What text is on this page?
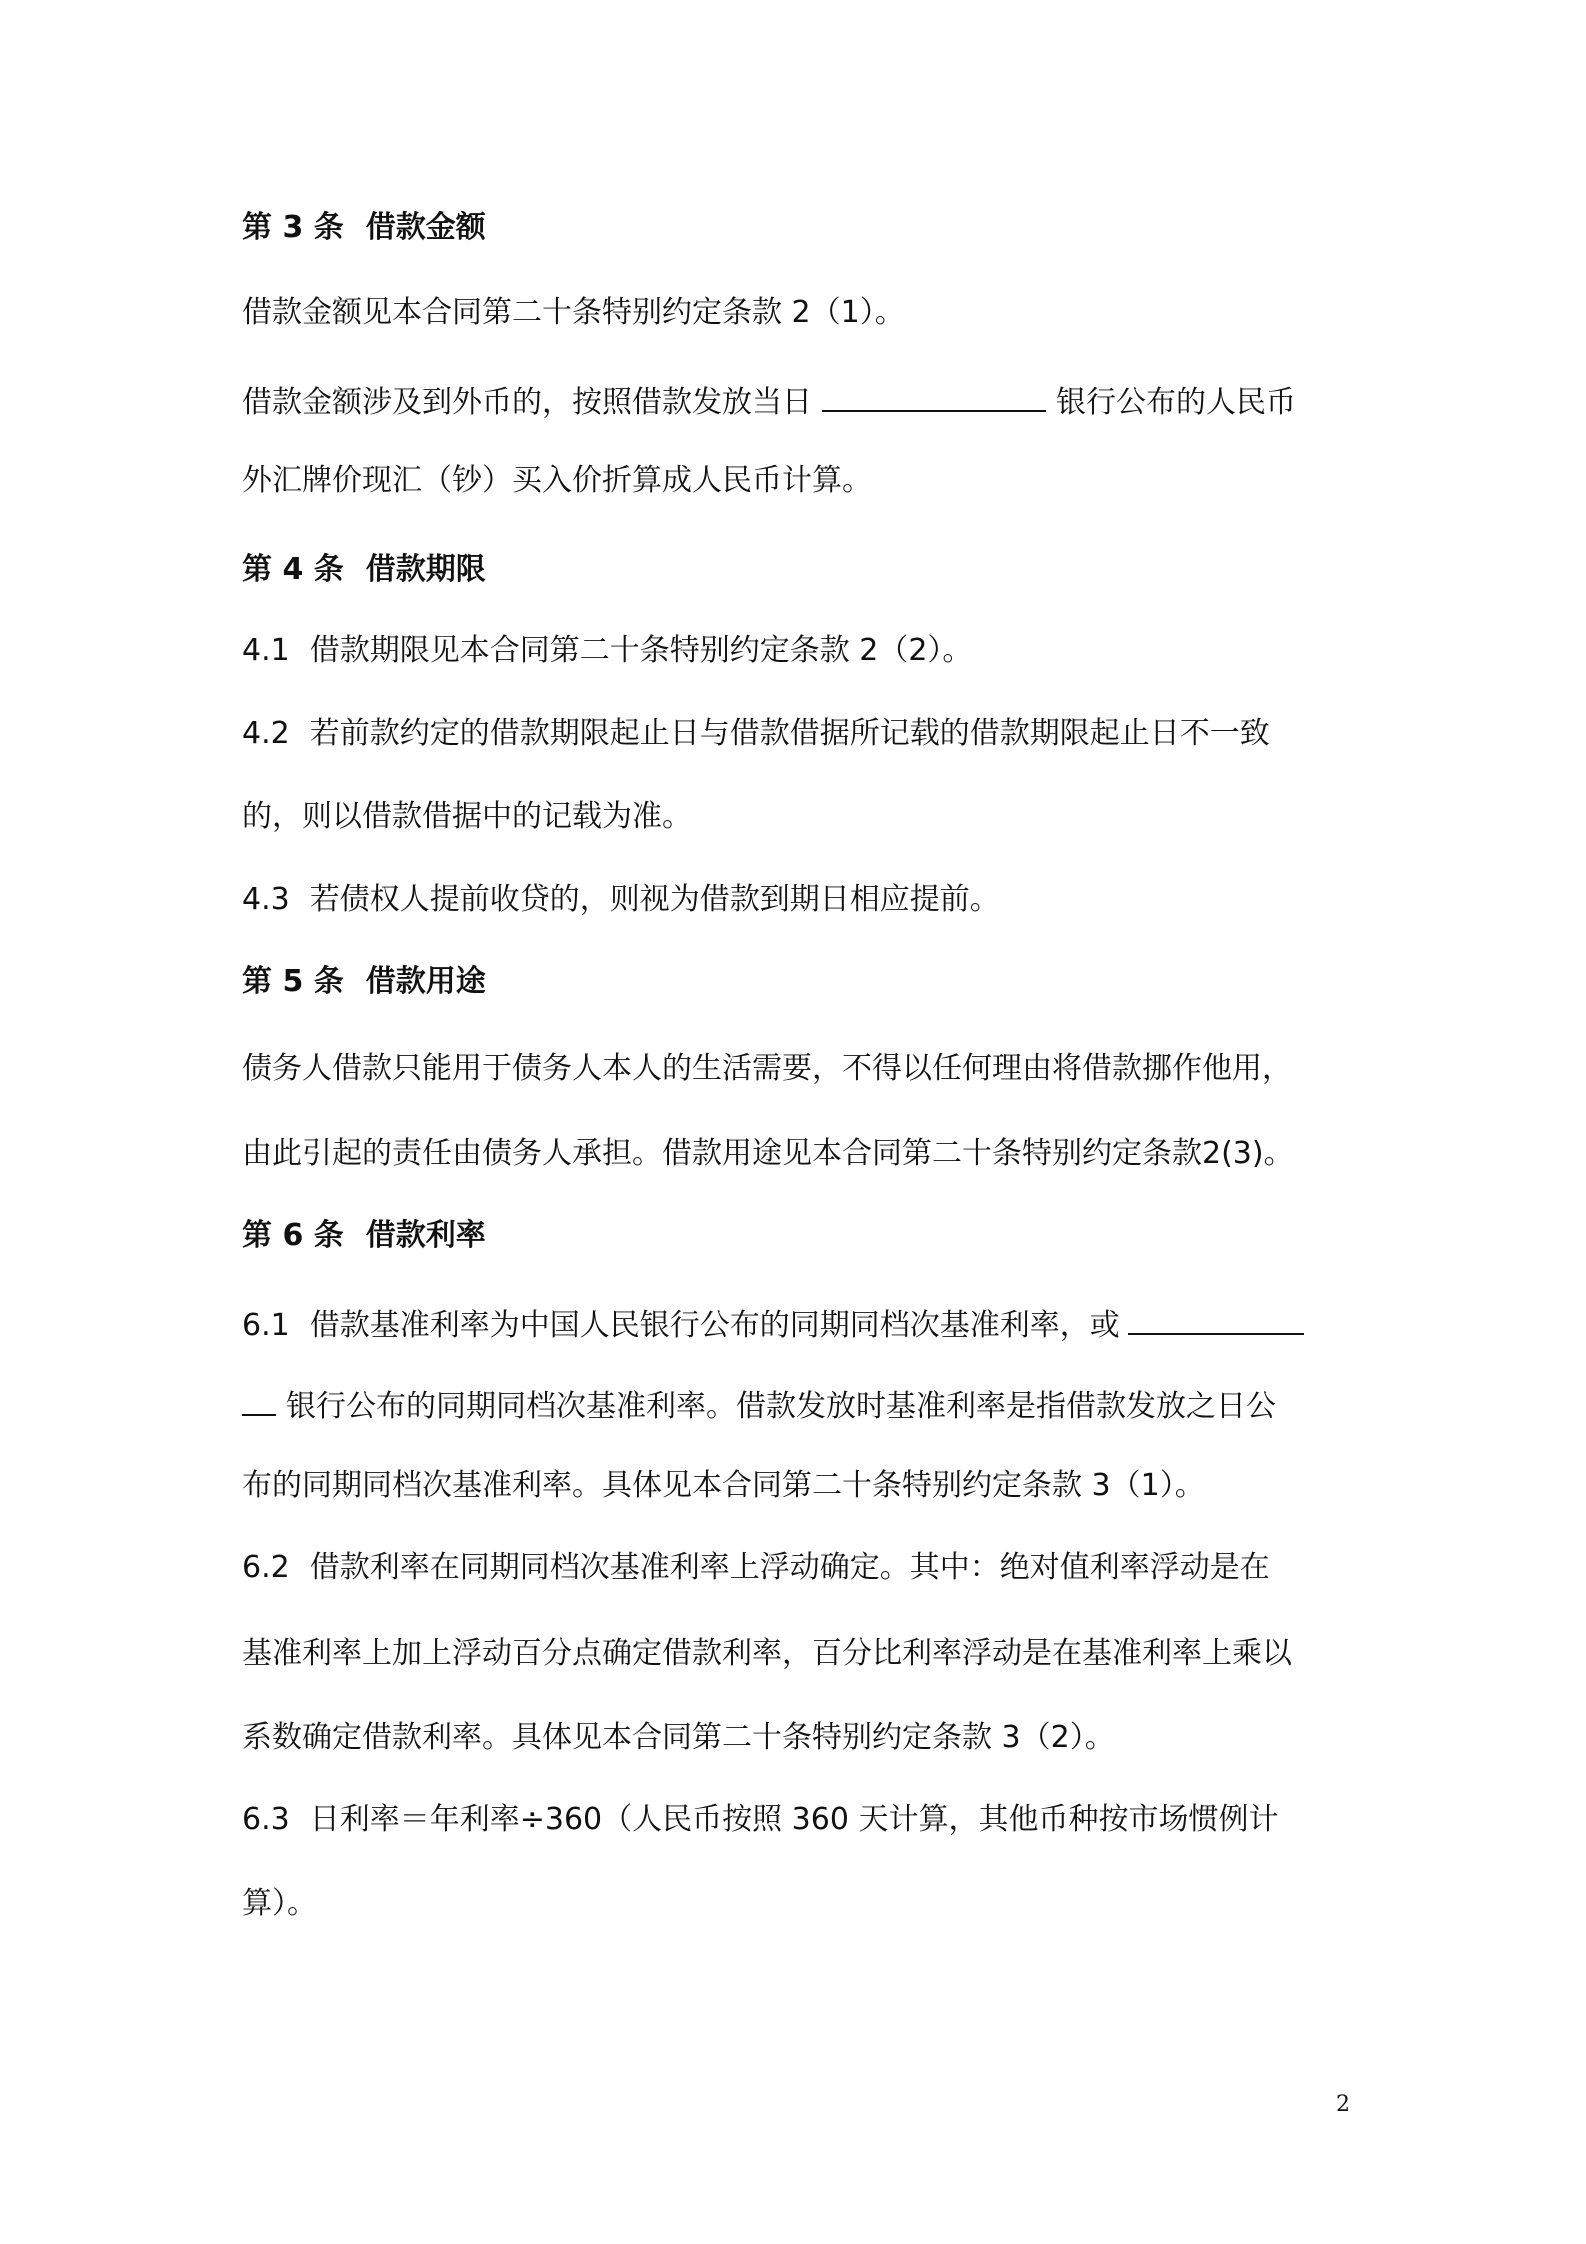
第 3 条 借款金额
借款金额见本合同第二十条特别约定条款 2（1）。
借款金额涉及到外币的，按照借款发放当日	银行公布的人民币
外汇牌价现汇（钞）买入价折算成人民币计算。
第 4 条 借款期限
4.1 借款期限见本合同第二十条特别约定条款 2（2）。
4.2 若前款约定的借款期限起止日与借款借据所记载的借款期限起止日不一致
的，则以借款借据中的记载为准。
4.3 若债权人提前收贷的，则视为借款到期日相应提前。
第 5 条 借款用途
债务人借款只能用于债务人本人的生活需要，不得以任何理由将借款挪作他用，
由此引起的责任由债务人承担。借款用途见本合同第二十条特别约定条款2(3)。
第 6 条 借款利率
6.1 借款基准利率为中国人民银行公布的同期同档次基准利率，或
银行公布的同期同档次基准利率。借款发放时基准利率是指借款发放之日公
布的同期同档次基准利率。具体见本合同第二十条特别约定条款 3（1）。
6.2 借款利率在同期同档次基准利率上浮动确定。其中：绝对值利率浮动是在
基准利率上加上浮动百分点确定借款利率，百分比利率浮动是在基准利率上乘以
系数确定借款利率。具体见本合同第二十条特别约定条款 3（2）。
6.3 日利率＝年利率÷360（人民币按照 360 天计算，其他币种按市场惯例计
算）。
2
